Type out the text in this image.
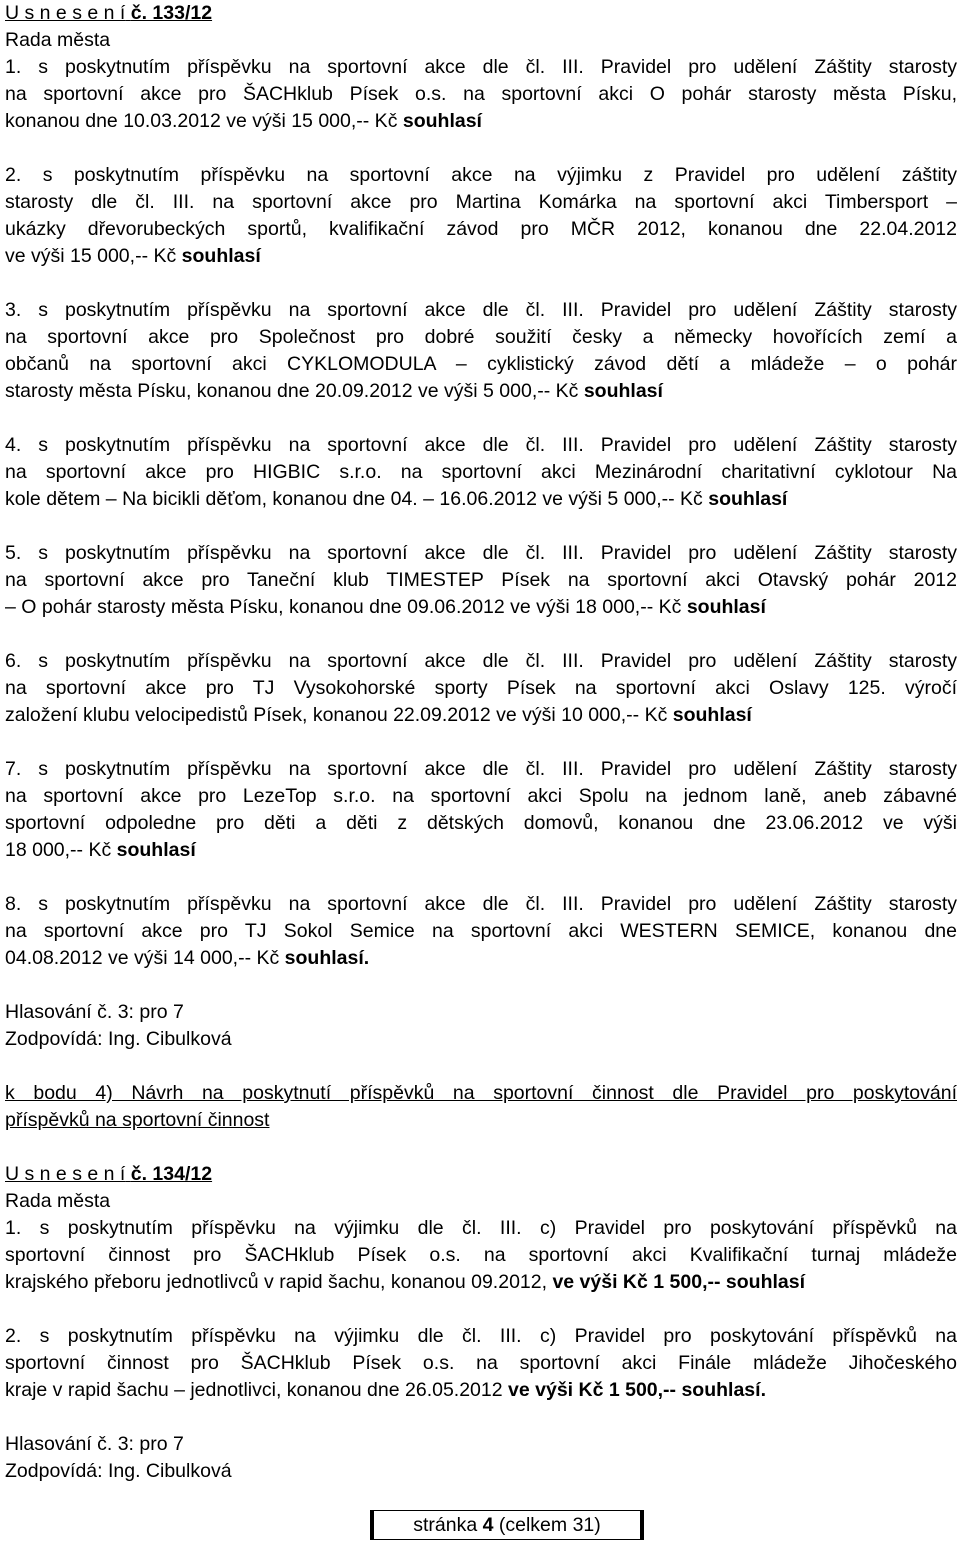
U s n e s e n í č. 133/12
Rada města
1. s poskytnutím příspěvku na sportovní akce dle čl. III. Pravidel pro udělení Záštity starosty
na sportovní akce pro ŠACHklub Písek o.s. na sportovní akci O pohár starosty města Písku,
konanou dne 10.03.2012 ve výši 15 000,-- Kč souhlasí
2. s poskytnutím příspěvku na sportovní akce na výjimku z Pravidel pro udělení záštity
starosty dle čl. III. na sportovní akce pro Martina Komárka na sportovní akci Timbersport –
ukázky dřevorubeckých sportů, kvalifikační závod pro MČR 2012, konanou dne 22.04.2012
ve výši 15 000,-- Kč souhlasí
3. s poskytnutím příspěvku na sportovní akce dle čl. III. Pravidel pro udělení Záštity starosty
na sportovní akce pro Společnost pro dobré soužití česky a německy hovořících zemí a
občanů na sportovní akci CYKLOMODULA – cyklistický závod dětí a mládeže – o pohár
starosty města Písku, konanou dne 20.09.2012 ve výši 5 000,-- Kč souhlasí
4. s poskytnutím příspěvku na sportovní akce dle čl. III. Pravidel pro udělení Záštity starosty
na sportovní akce pro HIGBIC s.r.o. na sportovní akci Mezinárodní charitativní cyklotour Na
kole dětem – Na bicikli děťom, konanou dne 04. – 16.06.2012 ve výši 5 000,-- Kč souhlasí
5. s poskytnutím příspěvku na sportovní akce dle čl. III. Pravidel pro udělení Záštity starosty
na sportovní akce pro Taneční klub TIMESTEP Písek na sportovní akci Otavský pohár 2012
– O pohár starosty města Písku, konanou dne 09.06.2012 ve výši 18 000,-- Kč souhlasí
6. s poskytnutím příspěvku na sportovní akce dle čl. III. Pravidel pro udělení Záštity starosty
na sportovní akce pro TJ Vysokohorské sporty Písek na sportovní akci Oslavy 125. výročí
založení klubu velocipedistů Písek, konanou 22.09.2012 ve výši 10 000,-- Kč souhlasí
7. s poskytnutím příspěvku na sportovní akce dle čl. III. Pravidel pro udělení Záštity starosty
na sportovní akce pro LezeTop s.r.o. na sportovní akci Spolu na jednom laně, aneb zábavné
sportovní odpoledne pro děti a děti z dětských domovů, konanou dne 23.06.2012 ve výši
18 000,-- Kč souhlasí
8. s poskytnutím příspěvku na sportovní akce dle čl. III. Pravidel pro udělení Záštity starosty
na sportovní akce pro TJ Sokol Semice na sportovní akci WESTERN SEMICE, konanou dne
04.08.2012 ve výši 14 000,-- Kč souhlasí.
Hlasování č. 3: pro 7
Zodpovídá: Ing. Cibulková
k bodu 4) Návrh na poskytnutí příspěvků na sportovní činnost dle Pravidel pro poskytování
příspěvků na sportovní činnost
U s n e s e n í č. 134/12
Rada města
1. s poskytnutím příspěvku na výjimku dle čl. III. c) Pravidel pro poskytování příspěvků na
sportovní činnost pro ŠACHklub Písek o.s. na sportovní akci Kvalifikační turnaj mládeže
krajského přeboru jednotlivců v rapid šachu, konanou 09.2012, ve výši Kč 1 500,-- souhlasí
2. s poskytnutím příspěvku na výjimku dle čl. III. c) Pravidel pro poskytování příspěvků na
sportovní činnost pro ŠACHklub Písek o.s. na sportovní akci Finále mládeže Jihočeského
kraje v rapid šachu – jednotlivci, konanou dne 26.05.2012 ve výši Kč 1 500,-- souhlasí.
Hlasování č. 3: pro 7
Zodpovídá: Ing. Cibulková
stránka 4 (celkem 31)
